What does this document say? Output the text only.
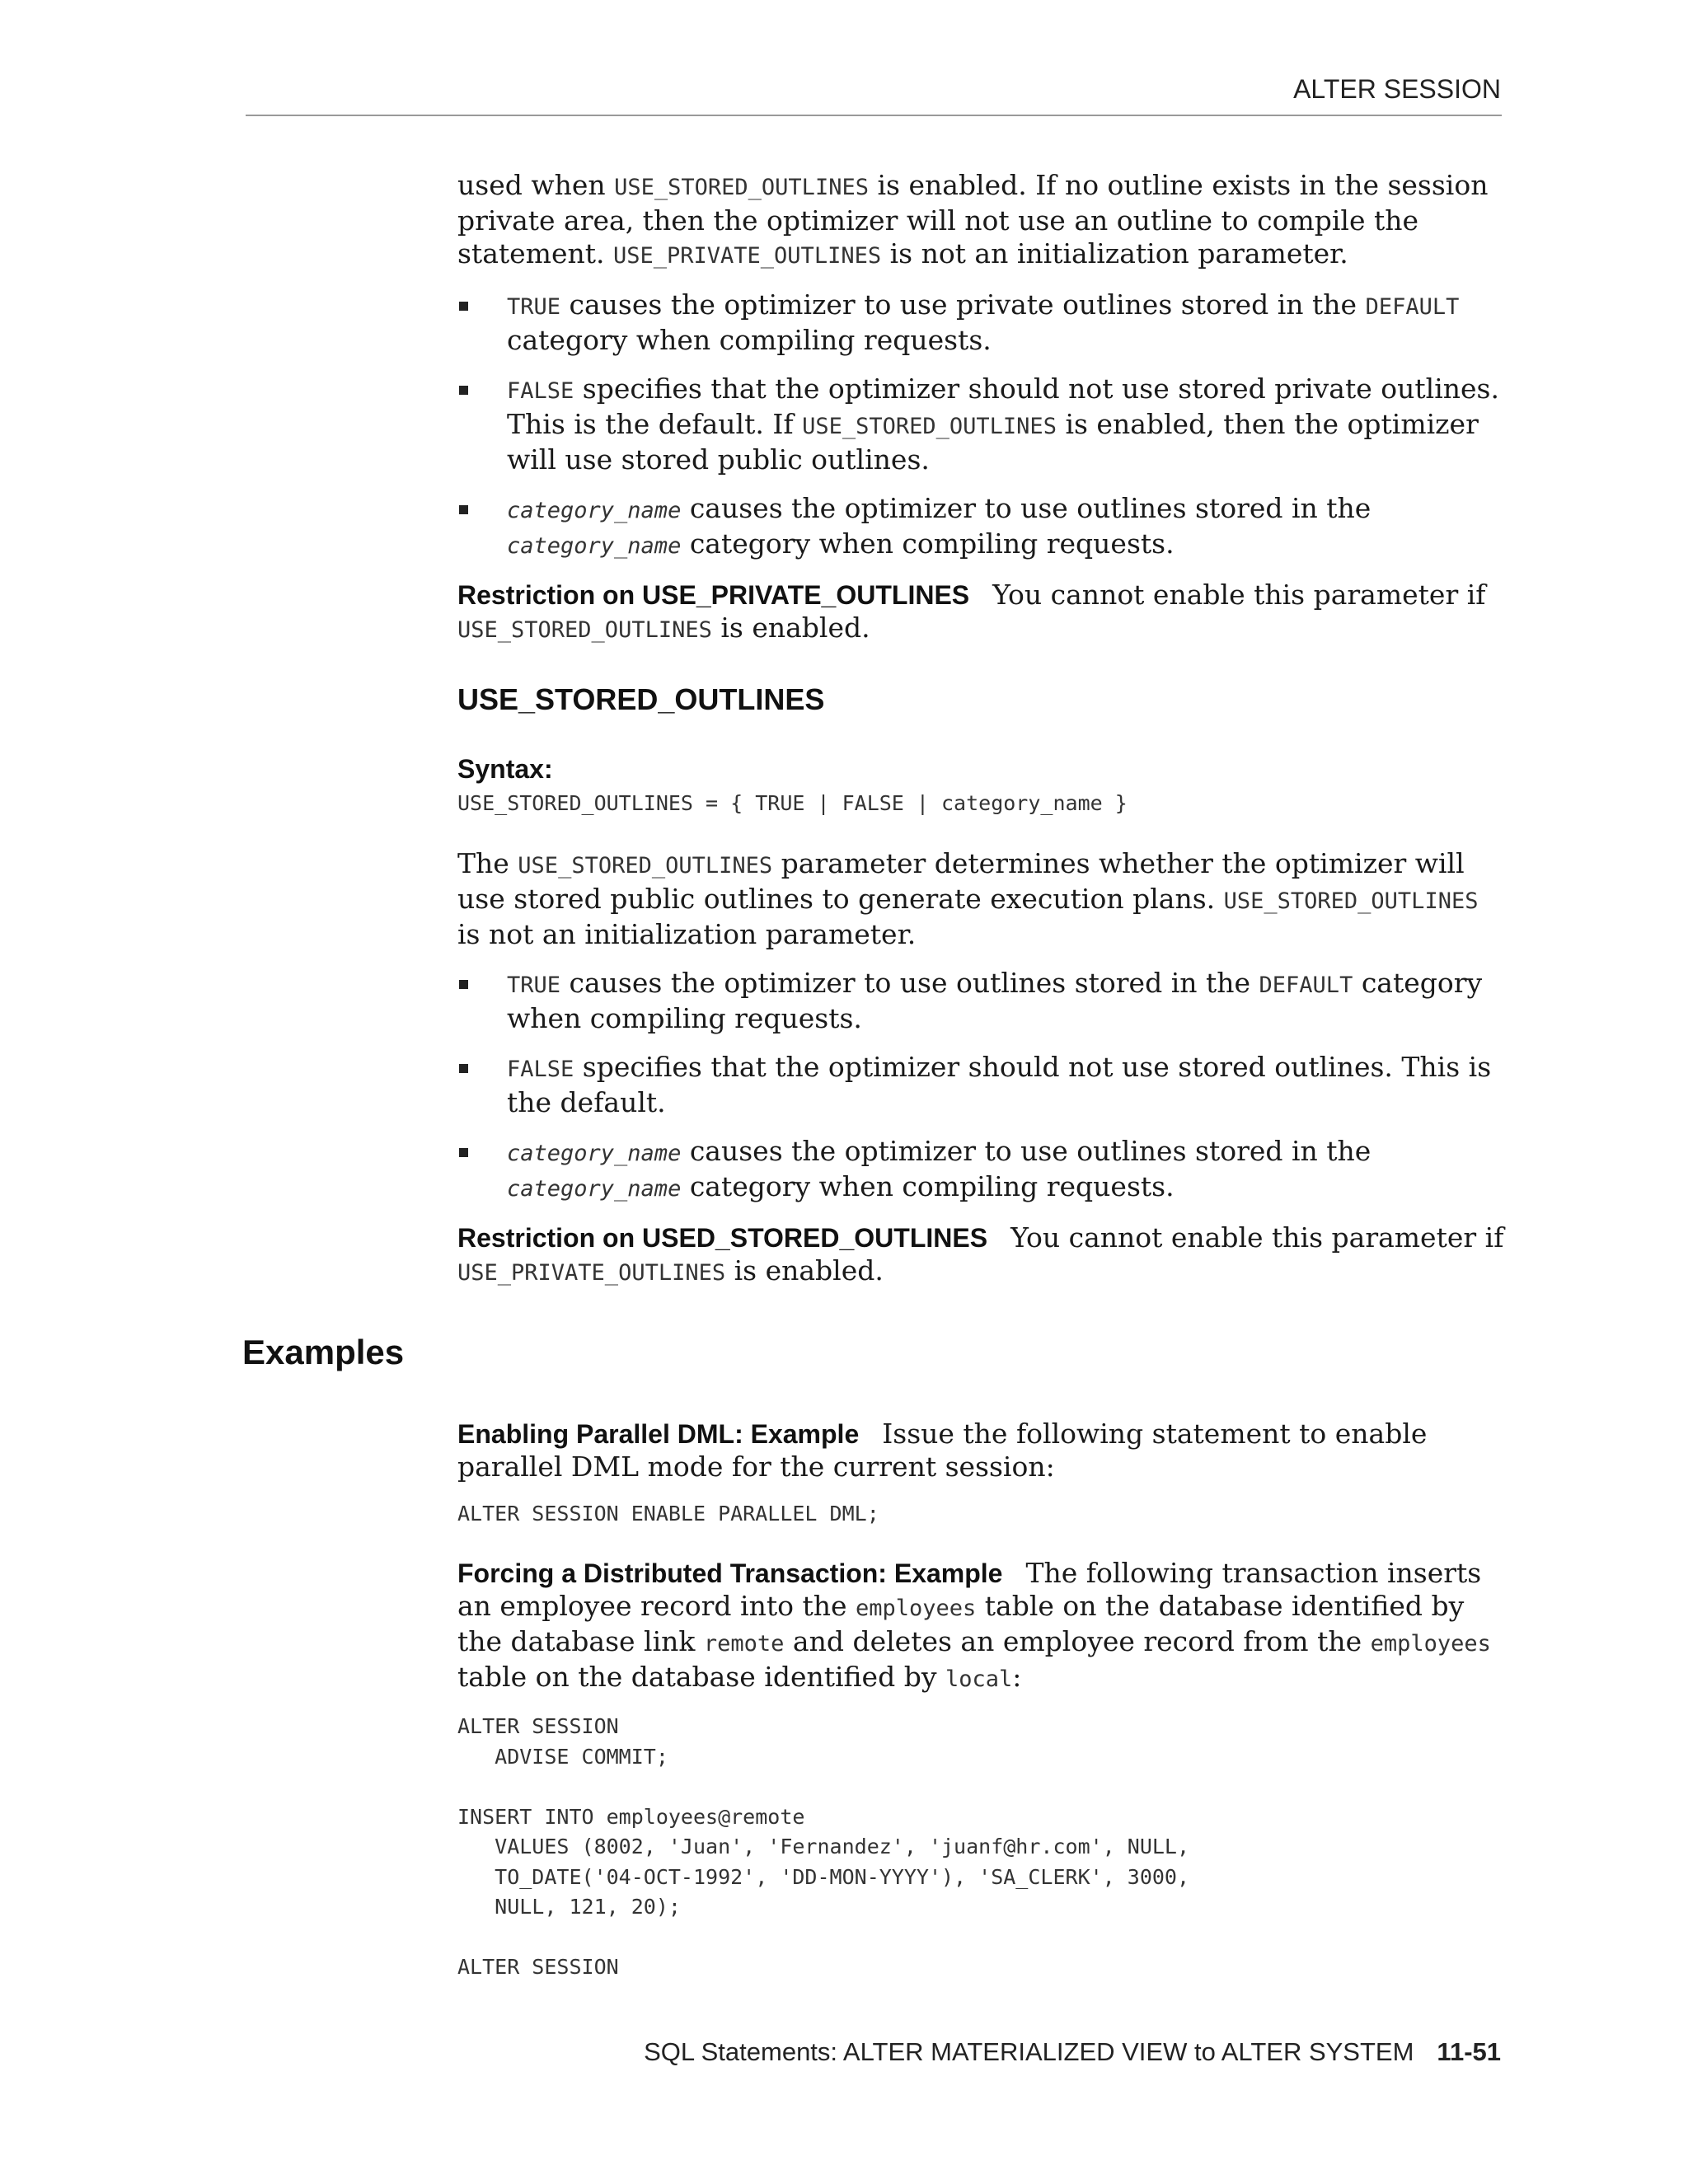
ALTER SESSION

used when USE_STORED_OUTLINES is enabled. If no outline exists in the session private area, then the optimizer will not use an outline to compile the statement. USE_PRIVATE_OUTLINES is not an initialization parameter.

TRUE causes the optimizer to use private outlines stored in the DEFAULT category when compiling requests.
FALSE specifies that the optimizer should not use stored private outlines. This is the default. If USE_STORED_OUTLINES is enabled, then the optimizer will use stored public outlines.
category_name causes the optimizer to use outlines stored in the category_name category when compiling requests.

Restriction on USE_PRIVATE_OUTLINES You cannot enable this parameter if USE_STORED_OUTLINES is enabled.

USE_STORED_OUTLINES
Syntax:
USE_STORED_OUTLINES = { TRUE | FALSE | category_name }

The USE_STORED_OUTLINES parameter determines whether the optimizer will use stored public outlines to generate execution plans. USE_STORED_OUTLINES is not an initialization parameter.

TRUE causes the optimizer to use outlines stored in the DEFAULT category when compiling requests.
FALSE specifies that the optimizer should not use stored outlines. This is the default.
category_name causes the optimizer to use outlines stored in the category_name category when compiling requests.

Restriction on USED_STORED_OUTLINES You cannot enable this parameter if USE_PRIVATE_OUTLINES is enabled.

Enabling Parallel DML: Example Issue the following statement to enable parallel DML mode for the current session:

ALTER SESSION ENABLE PARALLEL DML;

Forcing a Distributed Transaction: Example The following transaction inserts an employee record into the employees table on the database identified by the database link remote and deletes an employee record from the employees table on the database identified by local:

ALTER SESSION
ADVISE COMMIT;

INSERT INTO employees@remote
VALUES (8002, 'Juan', 'Fernandez', 'juanf@hr.com', NULL,
TO_DATE('04-OCT-1992', 'DD-MON-YYYY'), 'SA_CLERK', 3000,
NULL, 121, 20);

ALTER SESSION
Examples
SQL Statements: ALTER MATERIALIZED VIEW to ALTER SYSTEM 11-51
